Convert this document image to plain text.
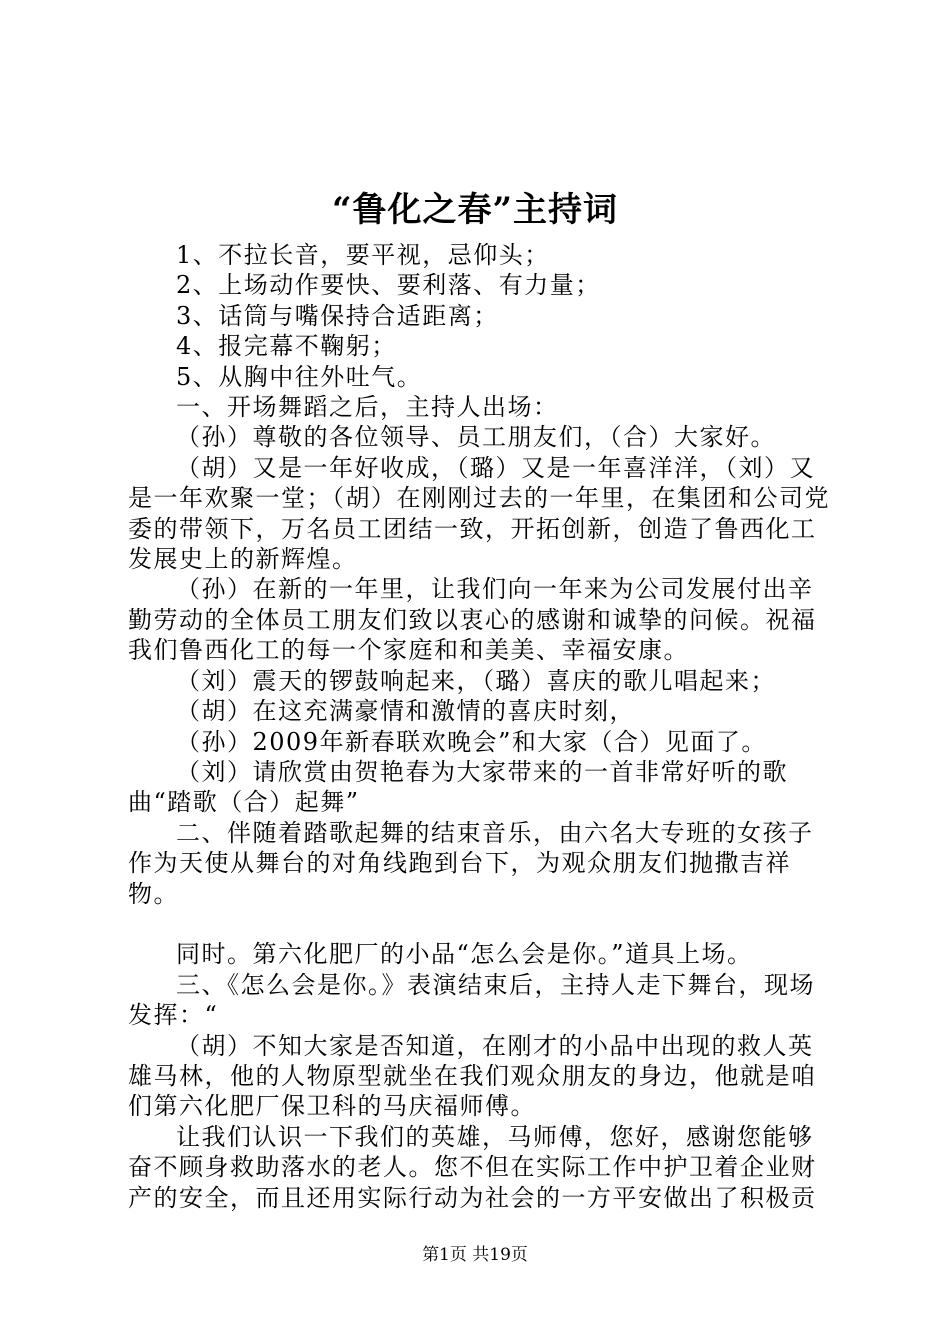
“鲁化之春”主持词

1、不拉长音，要平视，忌仰头；

2、上场动作要快、要利落、有力量；

3、话筒与嘴保持合适距离；

4、报完幕不鞠躬；

5、从胸中往外吐气。

一、开场舞蹈之后，主持人出场：

（孙）尊敬的各位领导、员工朋友们，（合）大家好。

（胡）又是一年好收成，（璐）又是一年喜洋洋，（刘）又是一年欢聚一堂；（胡）在刚刚过去的一年里，在集团和公司党委的带领下，万名员工团结一致，开拓创新，创造了鲁西化工发展史上的新辉煌。

（孙）在新的一年里，让我们向一年来为公司发展付出辛勤劳动的全体员工朋友们致以衷心的感谢和诚挚的问候。祝福我们鲁西化工的每一个家庭和和美美、幸福安康。

（刘）震天的锣鼓响起来，（璐）喜庆的歌儿唱起来；

（胡）在这充满豪情和激情的喜庆时刻，

（孙）2009年新春联欢晚会”和大家（合）见面了。

（刘）请欣赏由贺艳春为大家带来的一首非常好听的歌曲“踏歌（合）起舞”

二、伴随着踏歌起舞的结束音乐，由六名大专班的女孩子作为天使从舞台的对角线跑到台下，为观众朋友们抛撒吉祥物。

同时。第六化肥厂的小品“怎么会是你。”道具上场。

三、《怎么会是你。》表演结束后，主持人走下舞台，现场发挥：“

（胡）不知大家是否知道，在刚才的小品中出现的救人英雄马林，他的人物原型就坐在我们观众朋友的身边，他就是咱们第六化肥厂保卫科的马庆福师傅。

让我们认识一下我们的英雄，马师傅，您好，感谢您能够奋不顾身救助落水的老人。您不但在实际工作中护卫着企业财产的安全，而且还用实际行动为社会的一方平安做出了积极贡

第1页 共19页
